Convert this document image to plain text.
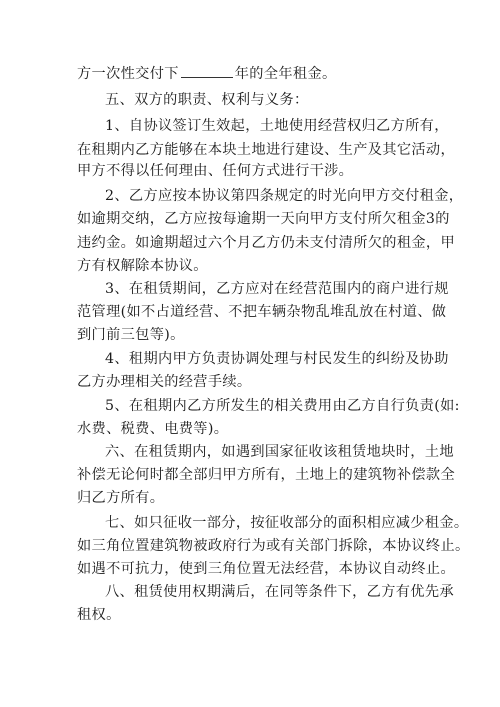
方一次性交付下	年的全年租金。
五、双方的职责、权利与义务：
1、自协议签订生效起，土地使用经营权归乙方所有，
在租期内乙方能够在本块土地进行建设、生产及其它活动，
甲方不得以任何理由、任何方式进行干涉。
2、乙方应按本协议第四条规定的时光向甲方交付租金，
如逾期交纳，乙方应按每逾期一天向甲方支付所欠租金3的
违约金。如逾期超过六个月乙方仍未支付清所欠的租金，甲
方有权解除本协议。
3、在租赁期间，乙方应对在经营范围内的商户进行规
范管理(如不占道经营、不把车辆杂物乱堆乱放在村道、做
到门前三包等)。
4、租期内甲方负责协调处理与村民发生的纠纷及协助
乙方办理相关的经营手续。
5、在租期内乙方所发生的相关费用由乙方自行负责(如:
水费、税费、电费等)。
六、在租赁期内，如遇到国家征收该租赁地块时，土地
补偿无论何时都全部归甲方所有，土地上的建筑物补偿款全
归乙方所有。
七、如只征收一部分，按征收部分的面积相应减少租金。
如三角位置建筑物被政府行为或有关部门拆除，本协议终止。
如遇不可抗力，使到三角位置无法经营，本协议自动终止。
八、租赁使用权期满后，在同等条件下，乙方有优先承
租权。
